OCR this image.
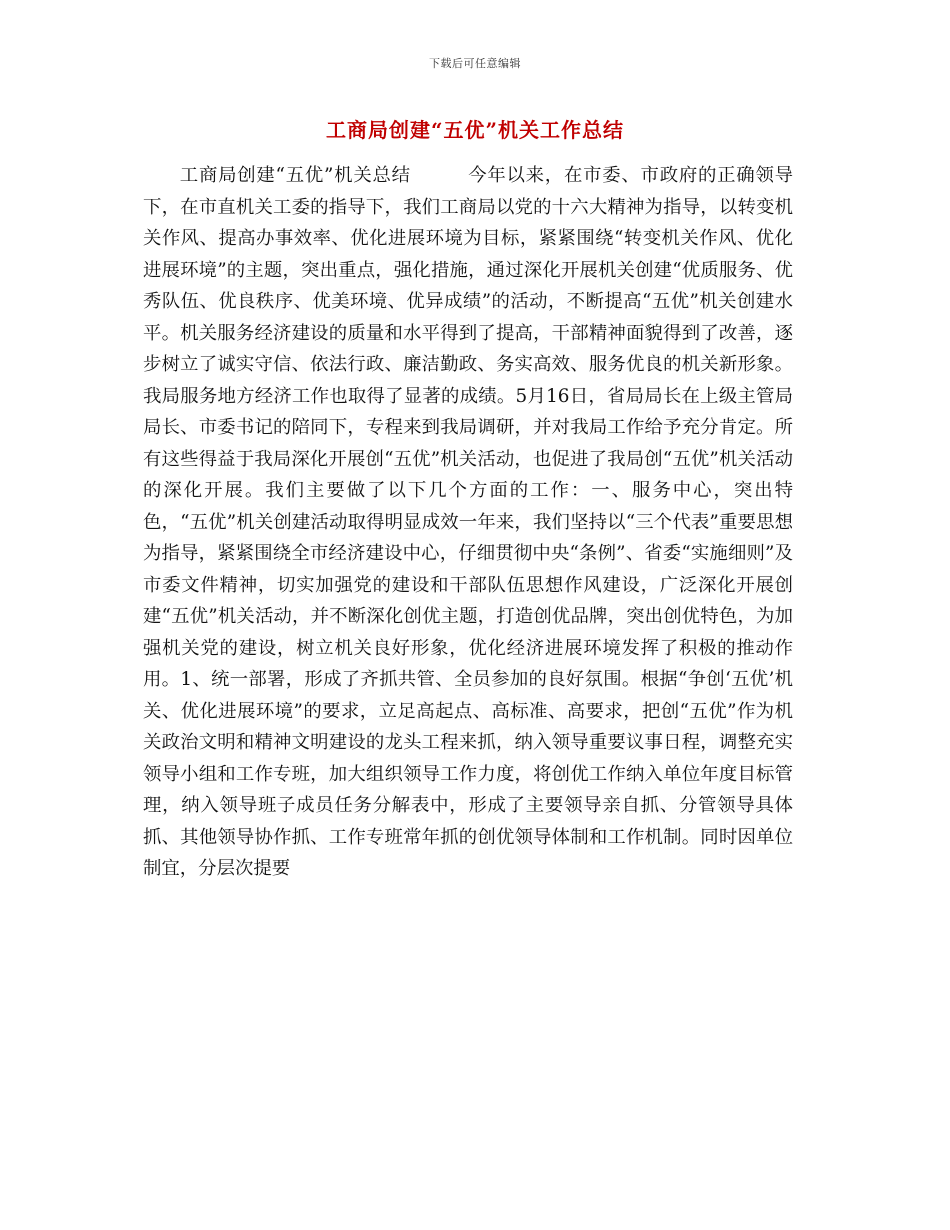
下载后可任意编辑
工商局创建“五优”机关工作总结

工商局创建“五优”机关总结　　　今年以来，在市委、市政府的正确领导下，在市直机关工委的指导下，我们工商局以党的十六大精神为指导，以转变机关作风、提高办事效率、优化进展环境为目标，紧紧围绕“转变机关作风、优化进展环境”的主题，突出重点，强化措施，通过深化开展机关创建“优质服务、优秀队伍、优良秩序、优美环境、优异成绩”的活动，不断提高“五优”机关创建水平。机关服务经济建设的质量和水平得到了提高，干部精神面貌得到了改善，逐步树立了诚实守信、依法行政、廉洁勤政、务实高效、服务优良的机关新形象。我局服务地方经济工作也取得了显著的成绩。5月16日，省局局长在上级主管局局长、市委书记的陪同下，专程来到我局调研，并对我局工作给予充分肯定。所有这些得益于我局深化开展创“五优”机关活动，也促进了我局创“五优”机关活动的深化开展。我们主要做了以下几个方面的工作：一、服务中心，突出特色，“五优”机关创建活动取得明显成效一年来，我们坚持以“三个代表”重要思想为指导，紧紧围绕全市经济建设中心，仔细贯彻中央“条例”、省委“实施细则”及市委文件精神，切实加强党的建设和干部队伍思想作风建设，广泛深化开展创建“五优”机关活动，并不断深化创优主题，打造创优品牌，突出创优特色，为加强机关党的建设，树立机关良好形象，优化经济进展环境发挥了积极的推动作用。1、统一部署，形成了齐抓共管、全员参加的良好氛围。根据“争创‘五优’机关、优化进展环境”的要求，立足高起点、高标准、高要求，把创“五优”作为机关政治文明和精神文明建设的龙头工程来抓，纳入领导重要议事日程，调整充实领导小组和工作专班，加大组织领导工作力度，将创优工作纳入单位年度目标管理，纳入领导班子成员任务分解表中，形成了主要领导亲自抓、分管领导具体抓、其他领导协作抓、工作专班常年抓的创优领导体制和工作机制。同时因单位制宜，分层次提要
